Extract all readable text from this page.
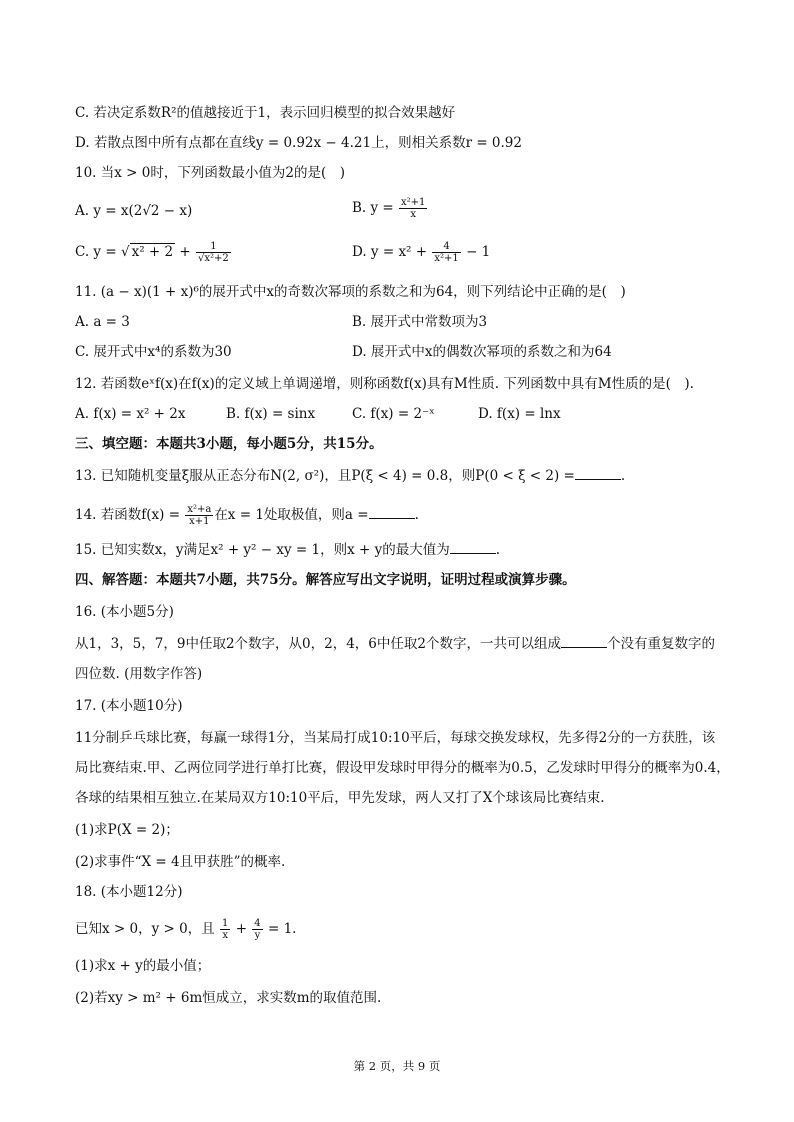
C. 若决定系数R²的值越接近于1，表示回归模型的拟合效果越好
D. 若散点图中所有点都在直线y = 0.92x − 4.21上，则相关系数r = 0.92
10. 当x > 0时，下列函数最小值为2的是(　)
A. y = x(2√2 − x)	B. $y = \frac{\text{x²+1}}{x}$
C. y = √ $x^2 + 2 + \frac{1}{\text{√x²+2}}$	D. $y = x^2 + \frac{4}{\text{x²+1}} - 1$
11. (a − x)(1 + x)⁶的展开式中x的奇数次幂项的系数之和为64，则下列结论中正确的是(　)
A. a = 3	B. 展开式中常数项为3
C. 展开式中x⁴的系数为30	D. 展开式中x的偶数次幂项的系数之和为64
12. 若函数eˣf(x)在f(x)的定义域上单调递增，则称函数f(x)具有M性质. 下列函数中具有M性质的是(　).
A. f(x) = x² + 2x	B. f(x) = sinx	C. f(x) = 2⁻ˣ	D. f(x) = lnx
三、填空题：本题共3小题，每小题5分，共15分。
13. 已知随机变量ξ服从正态分布N(2, σ²)，且P(ξ < 4) = 0.8，则P(0 < ξ < 2) =	.
14. 若函数$f(x) = \frac{\text{x²+a}}{x+1}$ 在x = 1处取极值，则a =	.
15. 已知实数x，y满足x² + y² − xy = 1，则x + y的最大值为	.
四、解答题：本题共7小题，共75分。解答应写出文字说明，证明过程或演算步骤。
16. (本小题5分)
从1，3，5，7，9中任取2个数字，从0，2，4，6中任取2个数字，一共可以组成	个没有重复数字的
四位数. (用数字作答)
17. (本小题10分)
11分制乒乓球比赛，每赢一球得1分，当某局打成10:10平后，每球交换发球权，先多得2分的一方获胜，该
局比赛结束.甲、乙两位同学进行单打比赛，假设甲发球时甲得分的概率为0.5，乙发球时甲得分的概率为0.4，
各球的结果相互独立.在某局双方10:10平后，甲先发球，两人又打了X个球该局比赛结束.
(1)求P(X = 2)；
(2)求事件“X = 4且甲获胜”的概率.
18. (本小题12分)
已知x > 0，y > 0，且 $\frac{1}{x} + \frac{4}{y} = 1$.
(1)求x + y的最小值；
(2)若xy > m² + 6m恒成立，求实数m的取值范围.
第 2 页，共 9 页
